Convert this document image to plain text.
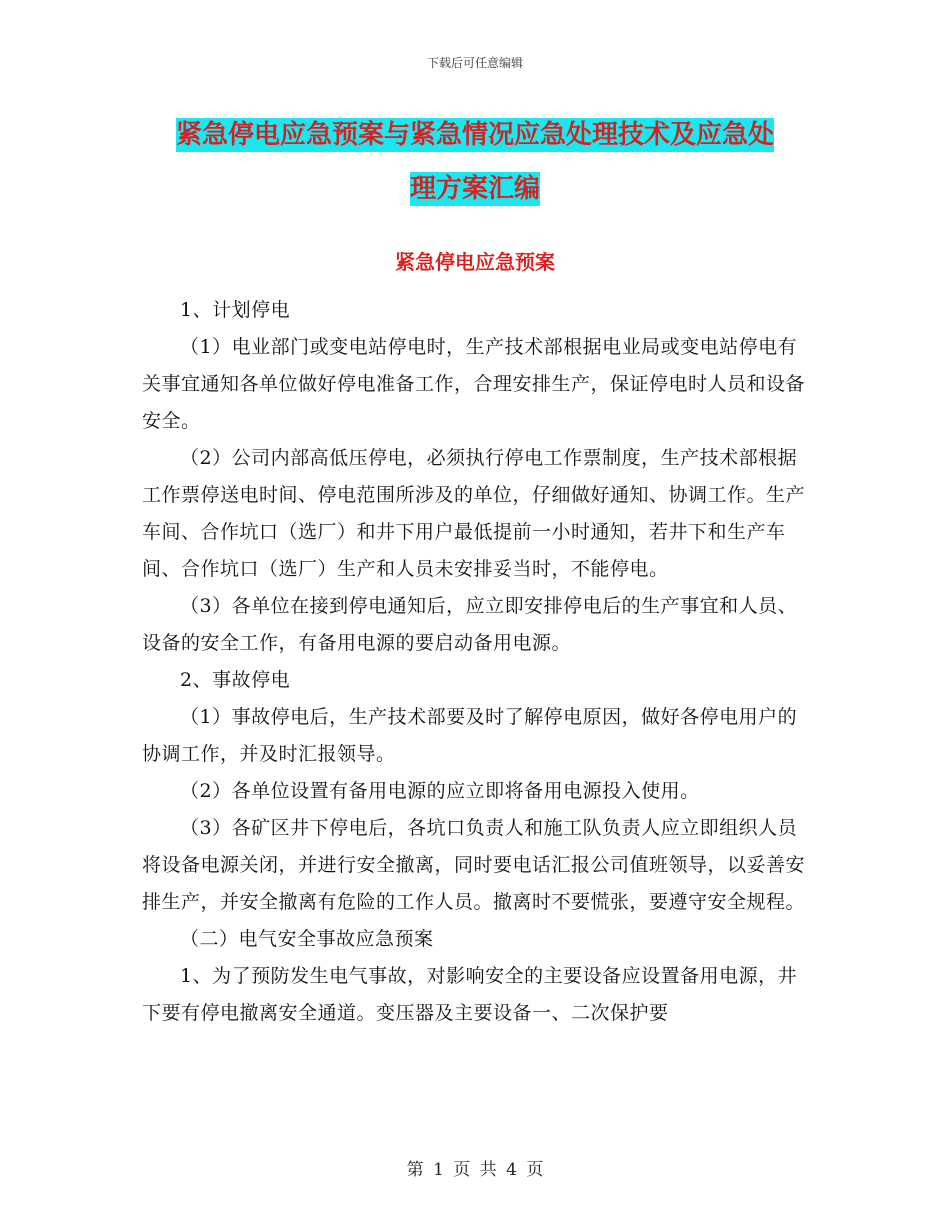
下载后可任意编辑
紧急停电应急预案与紧急情况应急处理技术及应急处
理方案汇编
紧急停电应急预案

1、计划停电

（1）电业部门或变电站停电时，生产技术部根据电业局或变电站停电有关事宜通知各单位做好停电准备工作，合理安排生产，保证停电时人员和设备安全。

（2）公司内部高低压停电，必须执行停电工作票制度，生产技术部根据工作票停送电时间、停电范围所涉及的单位，仔细做好通知、协调工作。生产车间、合作坑口（选厂）和井下用户最低提前一小时通知，若井下和生产车间、合作坑口（选厂）生产和人员未安排妥当时，不能停电。

（3）各单位在接到停电通知后，应立即安排停电后的生产事宜和人员、设备的安全工作，有备用电源的要启动备用电源。

2、事故停电

（1）事故停电后，生产技术部要及时了解停电原因，做好各停电用户的协调工作，并及时汇报领导。

（2）各单位设置有备用电源的应立即将备用电源投入使用。

（3）各矿区井下停电后，各坑口负责人和施工队负责人应立即组织人员将设备电源关闭，并进行安全撤离，同时要电话汇报公司值班领导，以妥善安排生产，并安全撤离有危险的工作人员。撤离时不要慌张，要遵守安全规程。

（二）电气安全事故应急预案

1、为了预防发生电气事故，对影响安全的主要设备应设置备用电源，井下要有停电撤离安全通道。变压器及主要设备一、二次保护要

第 1 页 共 4 页
